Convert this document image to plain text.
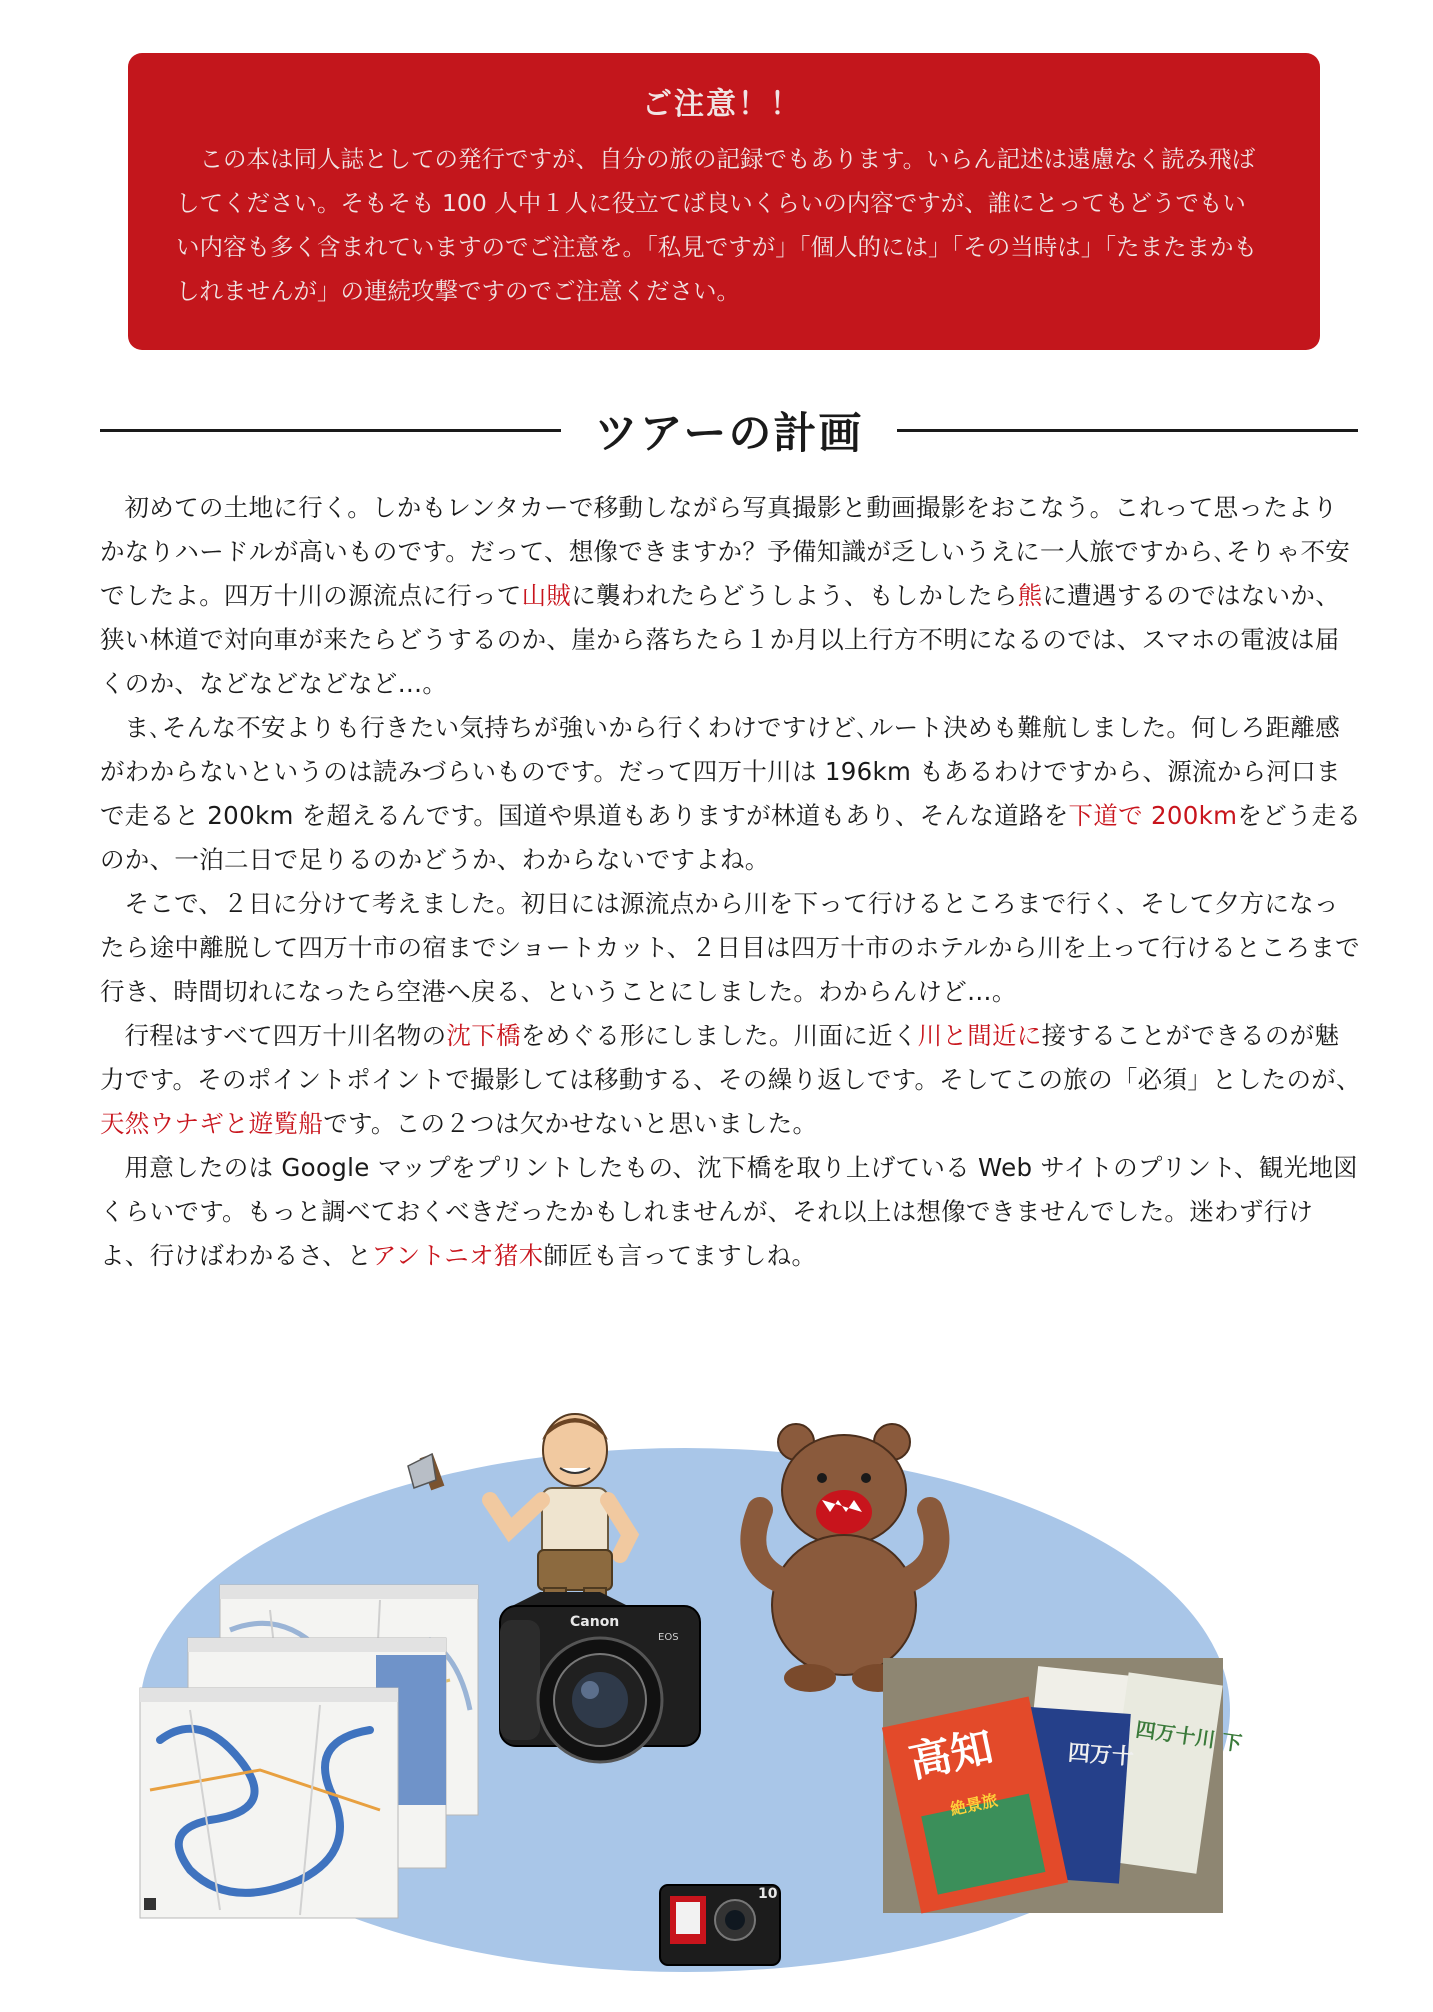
ご注意！！

この本は同人誌としての発行ですが、自分の旅の記録でもあります。いらん記述は遠慮なく読み飛ばしてください。そもそも 100 人中１人に役立てば良いくらいの内容ですが、誰にとってもどうでもいい内容も多く含まれていますのでご注意を。「私見ですが」「個人的には」「その当時は」「たまたまかもしれませんが」の連続攻撃ですのでご注意ください。

ツアーの計画

初めての土地に行く。しかもレンタカーで移動しながら写真撮影と動画撮影をおこなう。これって思ったよりかなりハードルが高いものです。だって、想像できますか？予備知識が乏しいうえに一人旅ですから､そりゃ不安でしたよ。四万十川の源流点に行って山賊に襲われたらどうしよう、もしかしたら熊に遭遇するのではないか、狭い林道で対向車が来たらどうするのか、崖から落ちたら１か月以上行方不明になるのでは、スマホの電波は届くのか、などなどなどなど…。

ま､そんな不安よりも行きたい気持ちが強いから行くわけですけど､ルート決めも難航しました。何しろ距離感がわからないというのは読みづらいものです。だって四万十川は 196km もあるわけですから、源流から河口まで走ると 200km を超えるんです。国道や県道もありますが林道もあり、そんな道路を下道で 200kmをどう走るのか、一泊二日で足りるのかどうか、わからないですよね。

そこで、２日に分けて考えました。初日には源流点から川を下って行けるところまで行く、そして夕方になったら途中離脱して四万十市の宿までショートカット、２日目は四万十市のホテルから川を上って行けるところまで行き、時間切れになったら空港へ戻る、ということにしました。わからんけど…。

行程はすべて四万十川名物の沈下橋をめぐる形にしました。川面に近く川と間近に接することができるのが魅力です。そのポイントポイントで撮影しては移動する、その繰り返しです。そしてこの旅の「必須」としたのが、天然ウナギと遊覧船です。この２つは欠かせないと思いました。

用意したのは Google マップをプリントしたもの、沈下橋を取り上げている Web サイトのプリント、観光地図くらいです。もっと調べておくべきだったかもしれませんが、それ以上は想像できませんでした。迷わず行けよ、行けばわかるさ、とアントニオ猪木師匠も言ってますしね。

Canon
EOS
10
四万十川 下
四万十
高知
絶景旅
